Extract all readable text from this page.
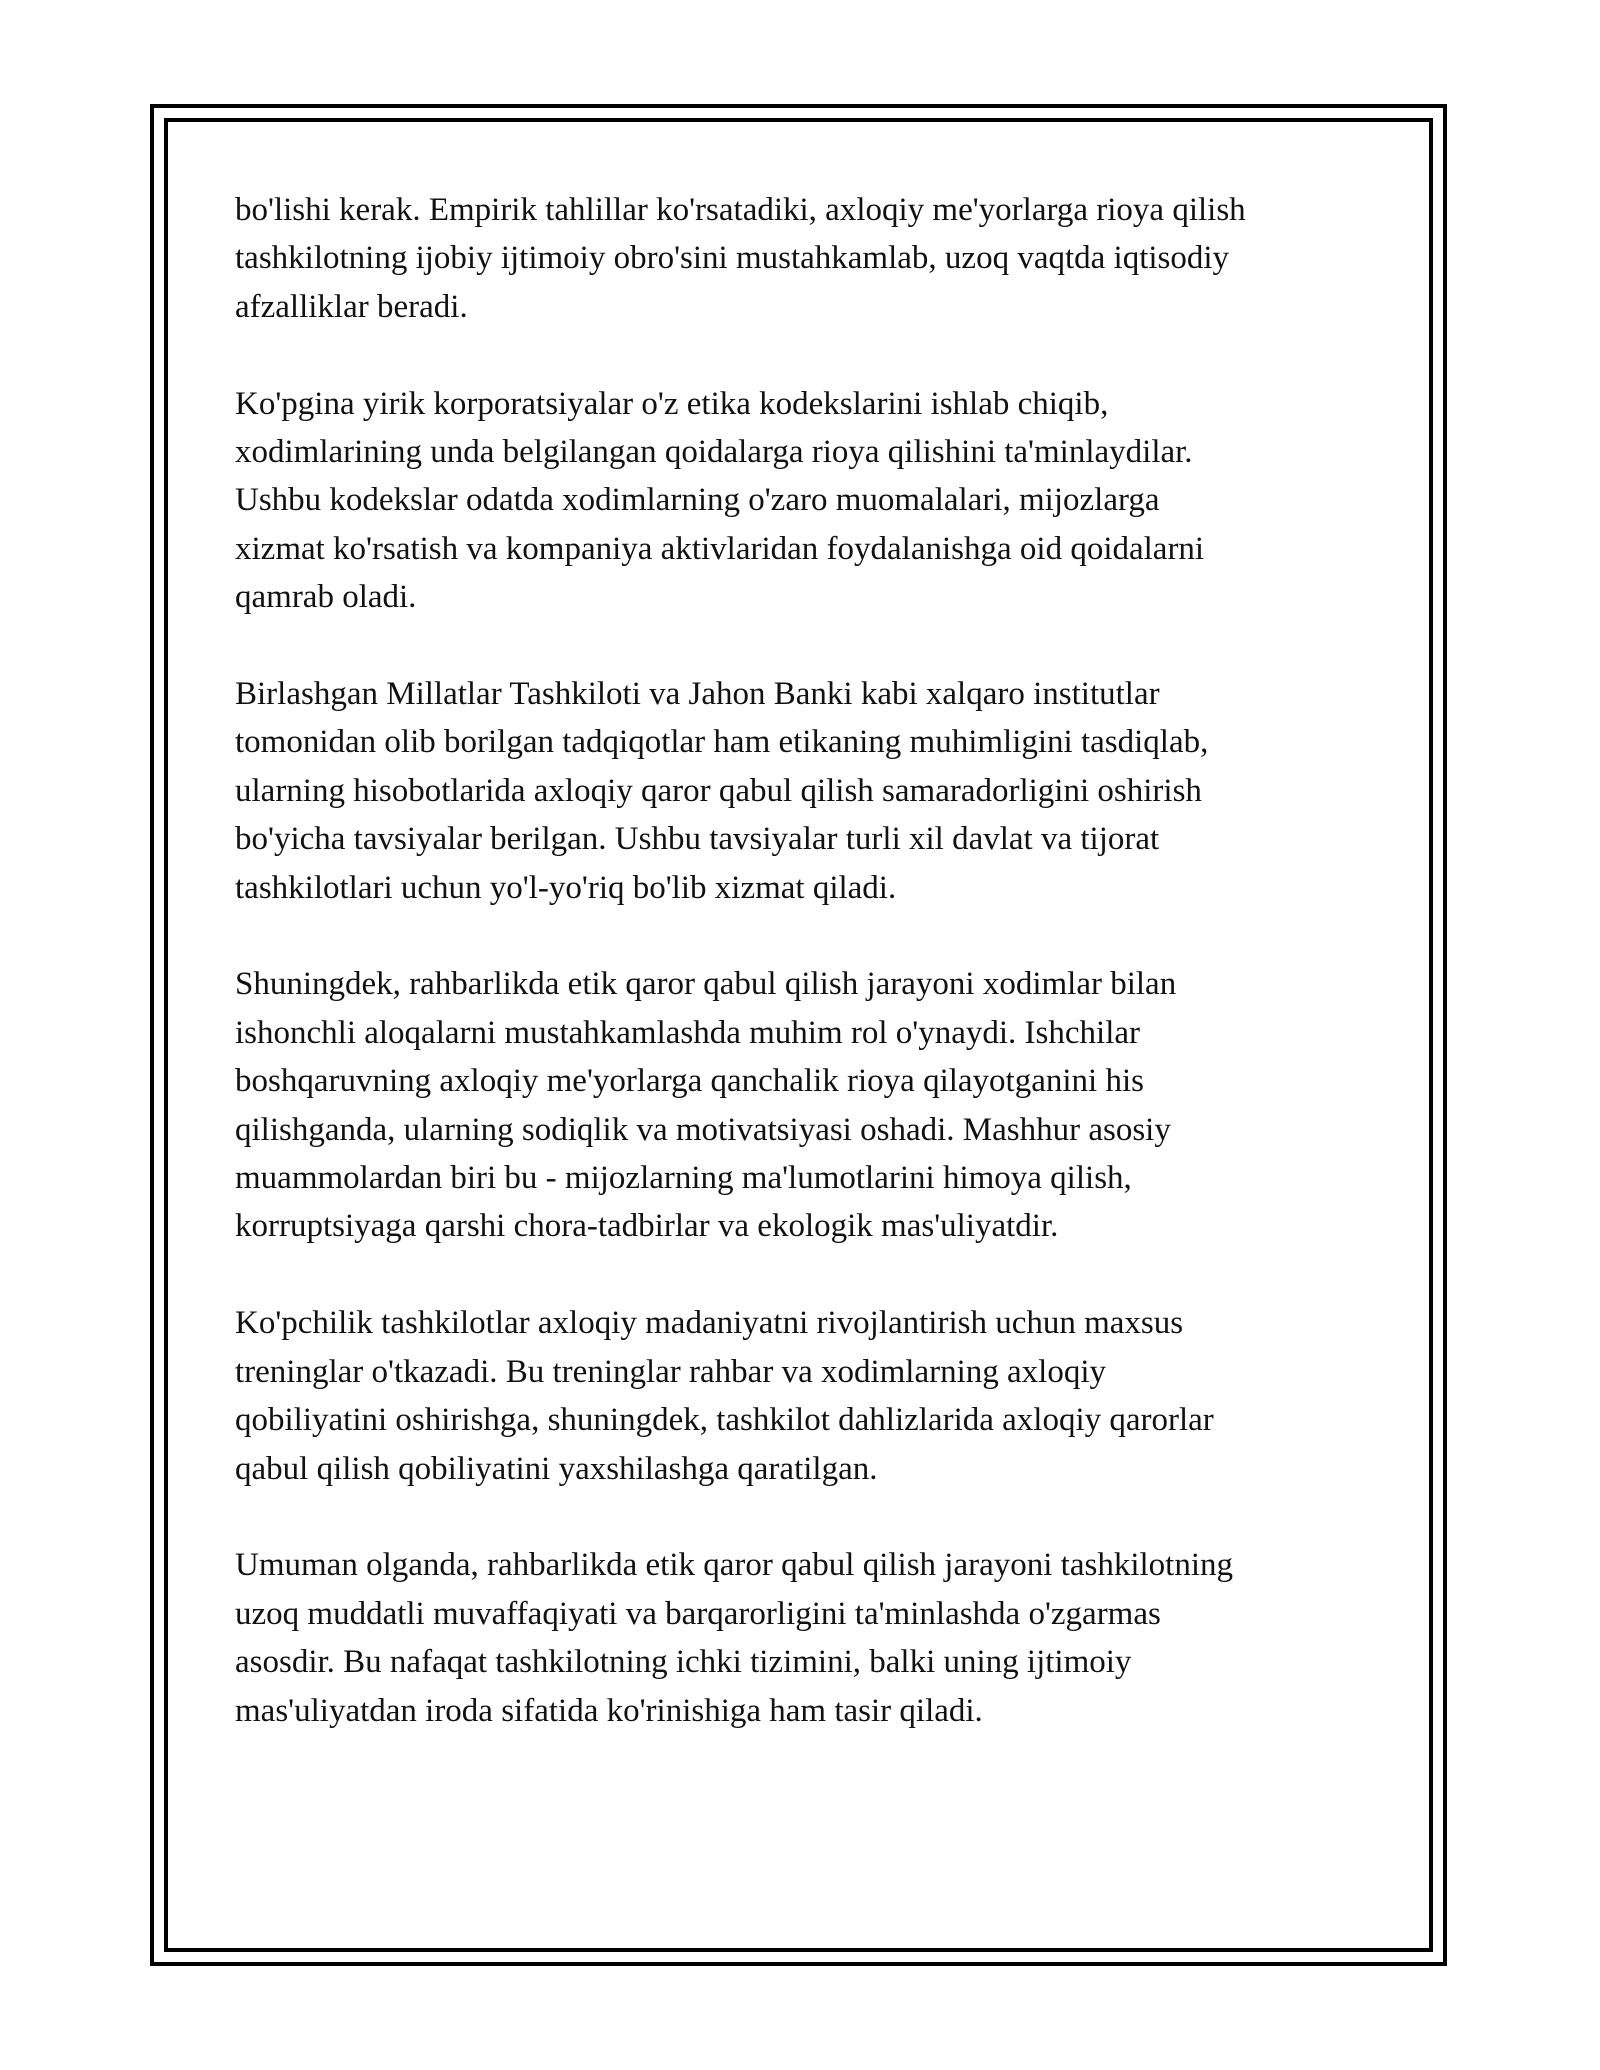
bo'lishi kerak. Empirik tahlillar ko'rsatadiki, axloqiy me'yorlarga rioya qilish
tashkilotning ijobiy ijtimoiy obro'sini mustahkamlab, uzoq vaqtda iqtisodiy
afzalliklar beradi.

Ko'pgina yirik korporatsiyalar o'z etika kodekslarini ishlab chiqib,
xodimlarining unda belgilangan qoidalarga rioya qilishini ta'minlaydilar.
Ushbu kodekslar odatda xodimlarning o'zaro muomalalari, mijozlarga
xizmat ko'rsatish va kompaniya aktivlaridan foydalanishga oid qoidalarni
qamrab oladi.

Birlashgan Millatlar Tashkiloti va Jahon Banki kabi xalqaro institutlar
tomonidan olib borilgan tadqiqotlar ham etikaning muhimligini tasdiqlab,
ularning hisobotlarida axloqiy qaror qabul qilish samaradorligini oshirish
bo'yicha tavsiyalar berilgan. Ushbu tavsiyalar turli xil davlat va tijorat
tashkilotlari uchun yo'l-yo'riq bo'lib xizmat qiladi.

Shuningdek, rahbarlikda etik qaror qabul qilish jarayoni xodimlar bilan
ishonchli aloqalarni mustahkamlashda muhim rol o'ynaydi. Ishchilar
boshqaruvning axloqiy me'yorlarga qanchalik rioya qilayotganini his
qilishganda, ularning sodiqlik va motivatsiyasi oshadi. Mashhur asosiy
muammolardan biri bu - mijozlarning ma'lumotlarini himoya qilish,
korruptsiyaga qarshi chora-tadbirlar va ekologik mas'uliyatdir.

Ko'pchilik tashkilotlar axloqiy madaniyatni rivojlantirish uchun maxsus
treninglar o'tkazadi. Bu treninglar rahbar va xodimlarning axloqiy
qobiliyatini oshirishga, shuningdek, tashkilot dahlizlarida axloqiy qarorlar
qabul qilish qobiliyatini yaxshilashga qaratilgan.

Umuman olganda, rahbarlikda etik qaror qabul qilish jarayoni tashkilotning
uzoq muddatli muvaffaqiyati va barqarorligini ta'minlashda o'zgarmas
asosdir. Bu nafaqat tashkilotning ichki tizimini, balki uning ijtimoiy
mas'uliyatdan iroda sifatida ko'rinishiga ham tasir qiladi.
